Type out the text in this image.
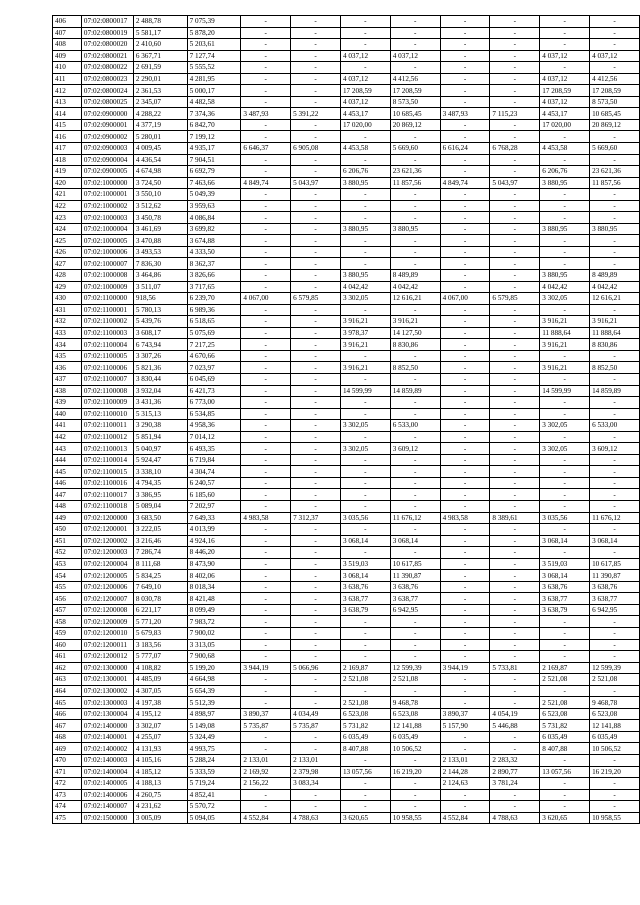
406	07:02:0800017	2 488,78	7 075,39	-	-	-	-	-	-	-	-
407	07:02:0800019	5 581,17	5 878,20	-	-	-	-	-	-	-	-
408	07:02:0800020	2 410,60	5 203,61	-	-	-	-	-	-	-	-
409	07:02:0800021	6 367,71	7 127,74	-	-	4 037,12	4 037,12	-	-	4 037,12	4 037,12
410	07:02:0800022	2 691,59	5 555,52	-	-	-	-	-	-	-	-
411	07:02:0800023	2 290,01	4 281,95	-	-	4 037,12	4 412,56	-	-	4 037,12	4 412,56
412	07:02:0800024	2 361,53	5 000,17	-	-	17 208,59	17 208,59	-	-	17 208,59	17 208,59
413	07:02:0800025	2 345,07	4 482,58	-	-	4 037,12	8 573,50	-	-	4 037,12	8 573,50
414	07:02:0900000	4 288,22	7 374,36	3 487,93	5 391,22	4 453,17	10 685,45	3 487,93	7 115,23	4 453,17	10 685,45
415	07:02:0900001	4 377,19	6 842,70	-	-	17 020,00	20 869,12	-	-	17 020,00	20 869,12
416	07:02:0900002	5 280,01	7 199,12	-	-	-	-	-	-	-	-
417	07:02:0900003	4 009,45	4 935,17	6 646,37	6 905,08	4 453,58	5 669,60	6 616,24	6 768,28	4 453,58	5 669,60
418	07:02:0900004	4 436,54	7 904,51	-	-	-	-	-	-	-	-
419	07:02:0900005	4 674,98	6 692,79	-	-	6 206,76	23 621,36	-	-	6 206,76	23 621,36
420	07:02:1000000	3 724,50	7 463,66	4 849,74	5 043,97	3 880,95	11 857,56	4 849,74	5 043,97	3 880,95	11 857,56
421	07:02:1000001	3 550,10	5 049,39	-	-	-	-	-	-	-	-
422	07:02:1000002	3 512,62	3 959,63	-	-	-	-	-	-	-	-
423	07:02:1000003	3 450,78	4 086,84	-	-	-	-	-	-	-	-
424	07:02:1000004	3 461,69	3 699,82	-	-	3 880,95	3 880,95	-	-	3 880,95	3 880,95
425	07:02:1000005	3 470,88	3 674,88	-	-	-	-	-	-	-	-
426	07:02:1000006	3 493,53	4 333,50	-	-	-	-	-	-	-	-
427	07:02:1000007	7 836,30	8 362,37	-	-	-	-	-	-	-	-
428	07:02:1000008	3 464,86	3 826,66	-	-	3 880,95	8 489,89	-	-	3 880,95	8 489,89
429	07:02:1000009	3 511,07	3 717,65	-	-	4 042,42	4 042,42	-	-	4 042,42	4 042,42
430	07:02:1100000	918,56	6 239,70	4 067,00	6 579,85	3 302,05	12 616,21	4 067,00	6 579,85	3 302,05	12 616,21
431	07:02:1100001	5 780,13	6 989,36	-	-	-	-	-	-	-	-
432	07:02:1100002	5 439,76	6 518,65	-	-	3 916,21	3 916,21	-	-	3 916,21	3 916,21
433	07:02:1100003	3 608,17	5 075,69	-	-	3 978,37	14 127,50	-	-	11 888,64	11 888,64
434	07:02:1100004	6 743,94	7 217,25	-	-	3 916,21	8 830,86	-	-	3 916,21	8 830,86
435	07:02:1100005	3 307,26	4 670,66	-	-	-	-	-	-	-	-
436	07:02:1100006	5 821,36	7 023,97	-	-	3 916,21	8 852,50	-	-	3 916,21	8 852,50
437	07:02:1100007	3 830,44	6 045,69	-	-	-	-	-	-	-	-
438	07:02:1100008	3 932,04	6 421,73	-	-	14 599,99	14 859,89	-	-	14 599,99	14 859,89
439	07:02:1100009	3 431,36	6 773,00	-	-	-	-	-	-	-	-
440	07:02:1100010	5 315,13	6 534,85	-	-	-	-	-	-	-	-
441	07:02:1100011	3 290,38	4 958,36	-	-	3 302,05	6 533,00	-	-	3 302,05	6 533,00
442	07:02:1100012	5 851,94	7 014,12	-	-	-	-	-	-	-	-
443	07:02:1100013	5 040,97	6 493,35	-	-	3 302,05	3 609,12	-	-	3 302,05	3 609,12
444	07:02:1100014	5 924,47	6 719,84	-	-	-	-	-	-	-	-
445	07:02:1100015	3 338,10	4 304,74	-	-	-	-	-	-	-	-
446	07:02:1100016	4 794,35	6 240,57	-	-	-	-	-	-	-	-
447	07:02:1100017	3 386,95	6 185,60	-	-	-	-	-	-	-	-
448	07:02:1100018	5 089,04	7 202,97	-	-	-	-	-	-	-	-
449	07:02:1200000	3 683,50	7 649,33	4 983,58	7 312,37	3 035,56	11 676,12	4 983,58	8 389,61	3 035,56	11 676,12
450	07:02:1200001	3 222,05	4 013,99	-	-	-	-	-	-	-	-
451	07:02:1200002	3 216,46	4 924,16	-	-	3 068,14	3 068,14	-	-	3 068,14	3 068,14
452	07:02:1200003	7 286,74	8 446,20	-	-	-	-	-	-	-	-
453	07:02:1200004	8 111,68	8 473,90	-	-	3 519,03	10 617,85	-	-	3 519,03	10 617,85
454	07:02:1200005	5 834,25	8 402,06	-	-	3 068,14	11 390,87	-	-	3 068,14	11 390,87
455	07:02:1200006	7 649,10	8 018,34	-	-	3 638,76	3 638,76	-	-	3 638,76	3 638,76
456	07:02:1200007	8 030,78	8 421,48	-	-	3 638,77	3 638,77	-	-	3 638,77	3 638,77
457	07:02:1200008	6 221,17	8 099,49	-	-	3 638,79	6 942,95	-	-	3 638,79	6 942,95
458	07:02:1200009	5 771,20	7 983,72	-	-	-	-	-	-	-	-
459	07:02:1200010	5 679,83	7 900,02	-	-	-	-	-	-	-	-
460	07:02:1200011	3 183,56	3 313,05	-	-	-	-	-	-	-	-
461	07:02:1200012	5 777,07	7 900,68	-	-	-	-	-	-	-	-
462	07:02:1300000	4 108,82	5 199,20	3 944,19	5 066,96	2 169,87	12 599,39	3 944,19	5 733,81	2 169,87	12 599,39
463	07:02:1300001	4 485,09	4 664,98	-	-	2 521,08	2 521,08	-	-	2 521,08	2 521,08
464	07:02:1300002	4 307,05	5 654,39	-	-	-	-	-	-	-	-
465	07:02:1300003	4 197,38	5 512,39	-	-	2 521,08	9 468,78	-	-	2 521,08	9 468,78
466	07:02:1300004	4 195,12	4 898,97	3 890,37	4 034,49	6 523,08	6 523,08	3 890,37	4 054,19	6 523,08	6 523,08
467	07:02:1400000	3 302,07	5 149,08	5 735,87	5 735,87	5 731,82	12 141,88	5 157,90	5 446,88	5 731,82	12 141,88
468	07:02:1400001	4 255,07	5 324,49	-	-	6 035,49	6 035,49	-	-	6 035,49	6 035,49
469	07:02:1400002	4 131,93	4 993,75	-	-	8 407,88	10 506,52	-	-	8 407,88	10 506,52
470	07:02:1400003	4 105,16	5 288,24	2 133,01	2 133,01	-	-	2 133,01	2 283,32	-	-
471	07:02:1400004	4 185,12	5 333,59	2 169,92	2 379,98	13 057,56	16 219,20	2 144,28	2 890,77	13 057,56	16 219,20
472	07:02:1400005	4 188,13	5 719,24	2 156,22	3 083,34	-	-	2 124,63	3 781,24	-	-
473	07:02:1400006	4 260,75	4 852,41	-	-	-	-	-	-	-	-
474	07:02:1400007	4 231,62	5 570,72	-	-	-	-	-	-	-	-
475	07:02:1500000	3 005,09	5 094,05	4 552,84	4 788,63	3 620,65	10 958,55	4 552,84	4 788,63	3 620,65	10 958,55
